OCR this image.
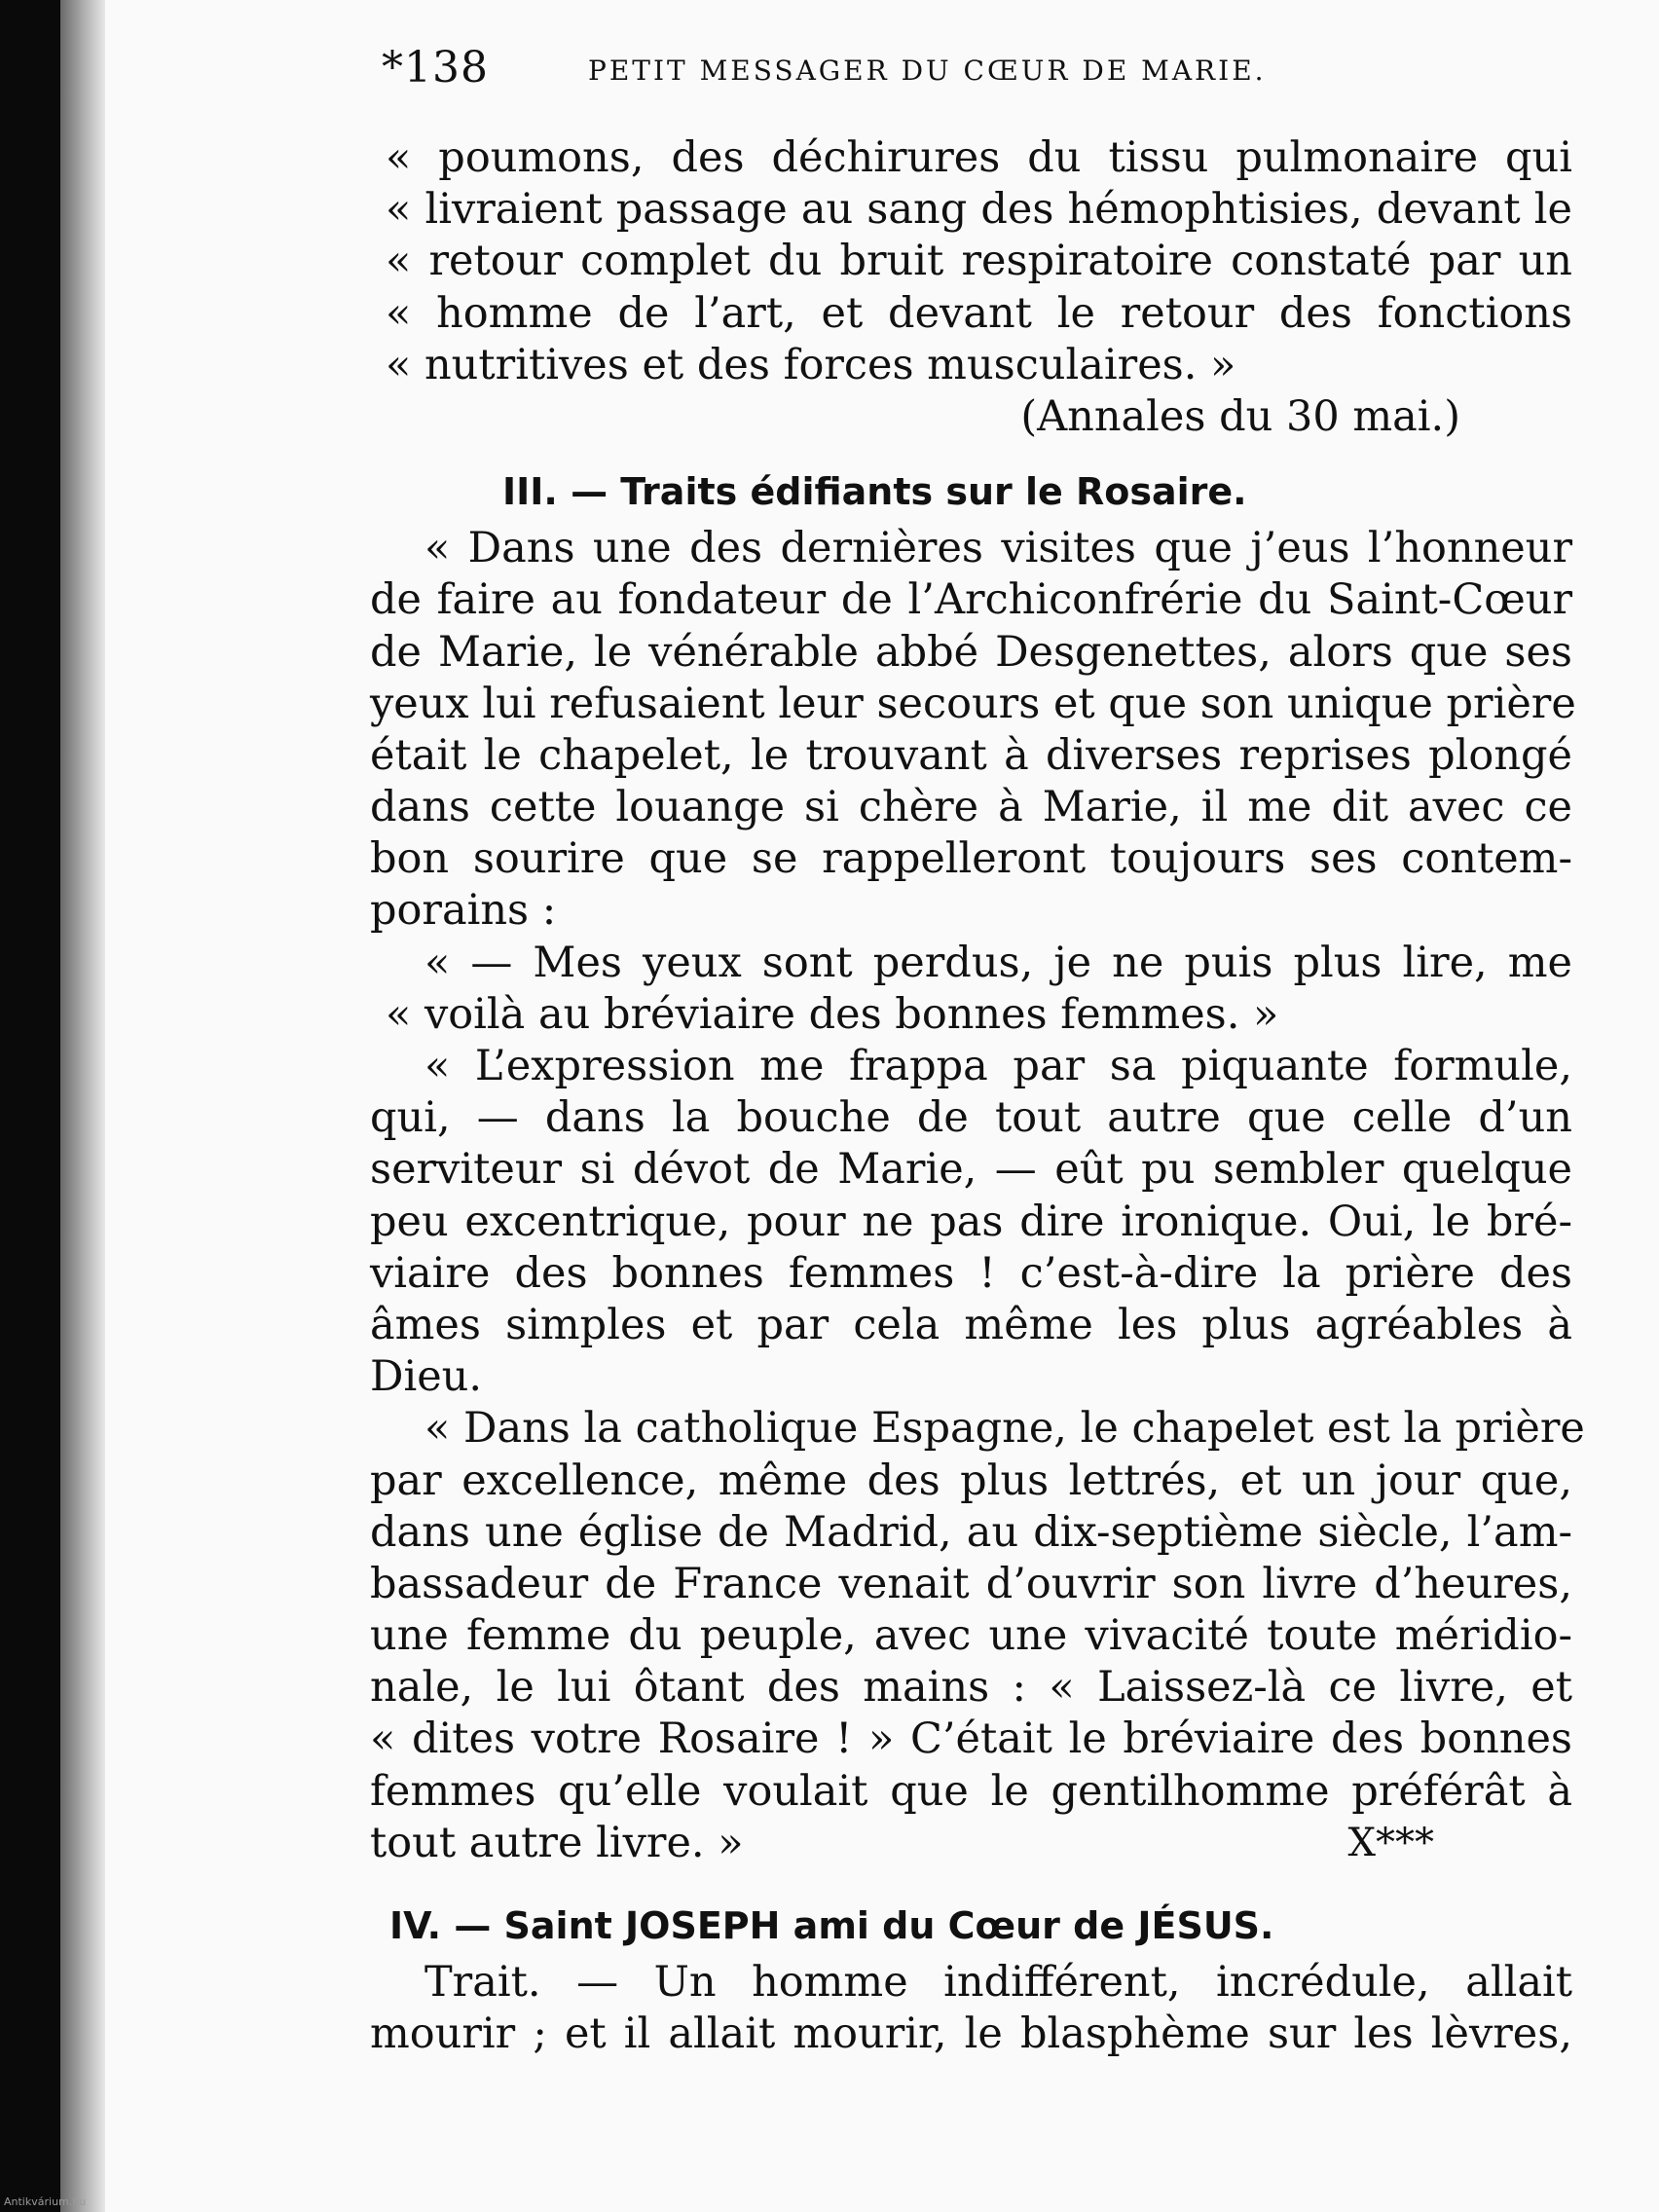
*138	PETIT MESSAGER DU CŒUR DE MARIE.
« poumons, des déchirures du tissu pulmonaire qui
« livraient passage au sang des hémophtisies, devant le
« retour complet du bruit respiratoire constaté par un
« homme de l’art, et devant le retour des fonctions
« nutritives et des forces musculaires. »
(Annales du 30 mai.)
III. — Traits édifiants sur le Rosaire.
« Dans une des dernières visites que j’eus l’honneur
de faire au fondateur de l’Archiconfrérie du Saint-Cœur
de Marie, le vénérable abbé Desgenettes, alors que ses
yeux lui refusaient leur secours et que son unique prière
était le chapelet, le trouvant à diverses reprises plongé
dans cette louange si chère à Marie, il me dit avec ce
bon sourire que se rappelleront toujours ses contem-
porains :
« — Mes yeux sont perdus, je ne puis plus lire, me
« voilà au bréviaire des bonnes femmes. »
« L’expression me frappa par sa piquante formule,
qui, — dans la bouche de tout autre que celle d’un
serviteur si dévot de Marie, — eût pu sembler quelque
peu excentrique, pour ne pas dire ironique. Oui, le bré-
viaire des bonnes femmes ! c’est-à-dire la prière des
âmes simples et par cela même les plus agréables à
Dieu.
« Dans la catholique Espagne, le chapelet est la prière
par excellence, même des plus lettrés, et un jour que,
dans une église de Madrid, au dix-septième siècle, l’am-
bassadeur de France venait d’ouvrir son livre d’heures,
une femme du peuple, avec une vivacité toute méridio-
nale, le lui ôtant des mains : « Laissez-là ce livre, et
« dites votre Rosaire ! » C’était le bréviaire des bonnes
femmes qu’elle voulait que le gentilhomme préférât à
tout autre livre. »	X***
IV. — Saint JOSEPH ami du Cœur de JÉSUS.
Trait. — Un homme indifférent, incrédule, allait
mourir ; et il allait mourir, le blasphème sur les lèvres,
Antikvárium.hu
